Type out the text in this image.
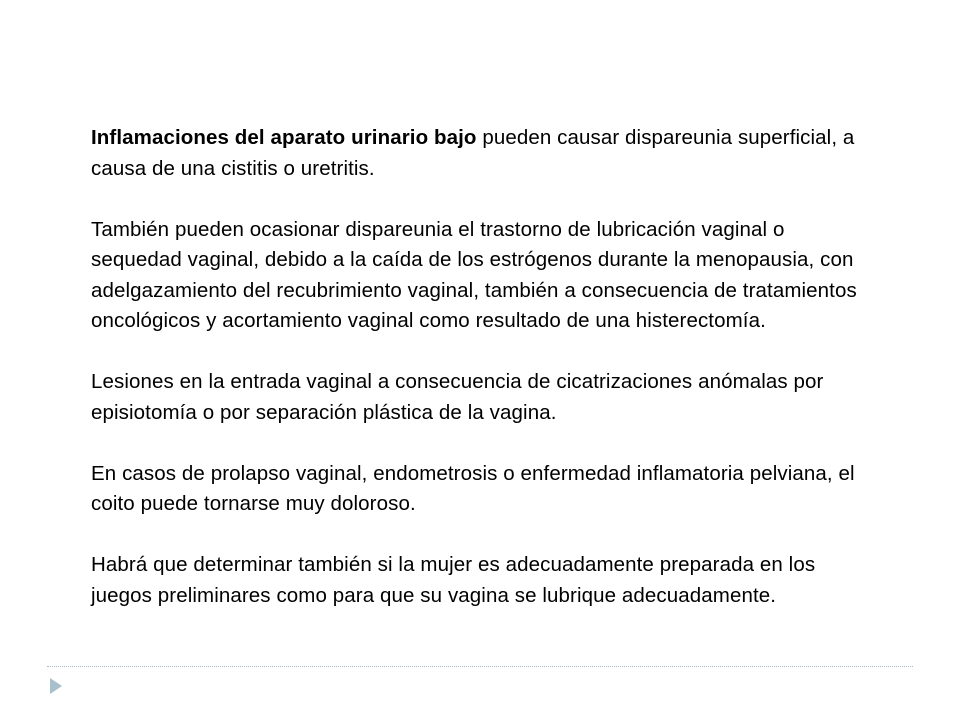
Inflamaciones del aparato urinario bajo pueden causar dispareunia superficial, a causa de una cistitis o uretritis.

También pueden ocasionar dispareunia el trastorno de lubricación vaginal o sequedad vaginal, debido a la caída de los estrógenos durante la menopausia, con adelgazamiento del recubrimiento vaginal, también a consecuencia de tratamientos oncológicos y acortamiento vaginal como resultado de una histerectomía.

Lesiones en la entrada vaginal a consecuencia de cicatrizaciones anómalas por episiotomía o por separación plástica de la vagina.

En casos de prolapso vaginal, endometrosis o enfermedad inflamatoria pelviana, el coito puede tornarse muy doloroso.

Habrá que determinar también si la mujer es adecuadamente preparada en los juegos preliminares como para que su vagina se lubrique adecuadamente.
